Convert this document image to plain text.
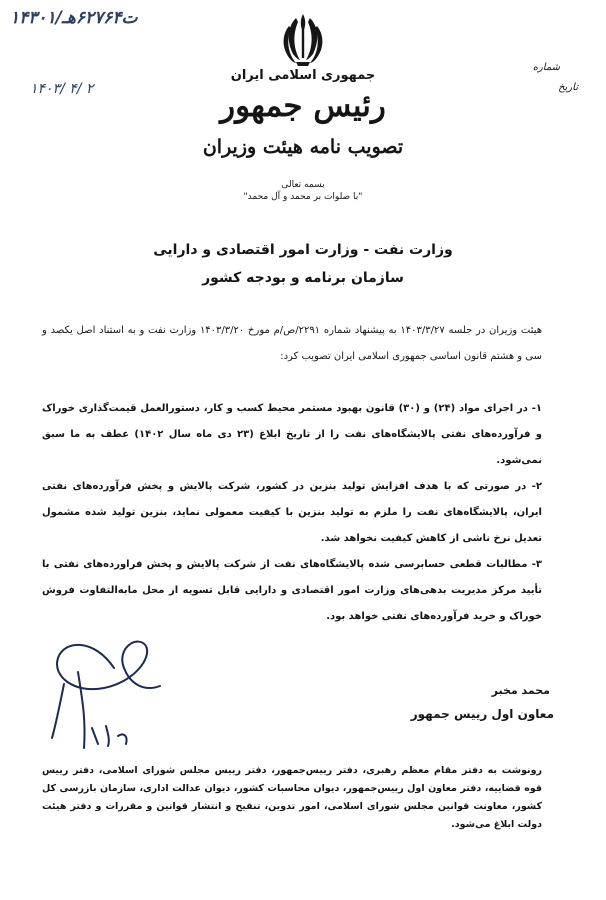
۱۴۳۰۱/ت۶۲۷۶۴هـ
جمهوری اسلامی ایران
رئیس جمهور
تصویب نامه هیئت وزیران
بسمه تعالی
"با صلوات بر محمد و آل محمد"
شماره
تاریخ
۱۴۰۳/ ۴/ ۲
وزارت نفت - وزارت امور اقتصادی و دارایی
سازمان برنامه و بودجه کشور
هیئت وزیران در جلسه ۱۴۰۳/۳/۲۷ به پیشنهاد شماره ۲۲۹۱/ص/م مورخ ۱۴۰۳/۳/۲۰ وزارت نفت و به استناد اصل یکصد و سی و هشتم قانون اساسی جمهوری اسلامی ایران تصویب کرد:
۱- در اجرای مواد (۲۴) و (۳۰) قانون بهبود مستمر محیط کسب و کار، دستورالعمل قیمت‌گذاری خوراک و فرآورده‌های نفتی پالایشگاه‌های نفت را از تاریخ ابلاغ (۲۳ دی ماه سال ۱۴۰۲) عطف به ما سبق نمی‌شود.
۲- در صورتی که با هدف افزایش تولید بنزین در کشور، شرکت پالایش و پخش فرآورده‌های نفتی ایران، پالایشگاه‌های نفت را ملزم به تولید بنزین با کیفیت معمولی نماید، بنزین تولید شده مشمول تعدیل نرخ ناشی از کاهش کیفیت نخواهد شد.
۳- مطالبات قطعی حسابرسی شده پالایشگاه‌های نفت از شرکت پالایش و پخش فراورده‌های نفتی با تأیید مرکز مدیریت بدهی‌های وزارت امور اقتصادی و دارایی قابل تسویه از محل مابه‌التفاوت فروش خوراک و خرید فرآورده‌های نفتی خواهد بود.
محمد مخبر
معاون اول رییس جمهور
رونوشت به دفتر مقام معظم رهبری، دفتر رییس‌جمهور، دفتر رییس مجلس شورای اسلامی، دفتر رییس قوه قضاییه، دفتر معاون اول رییس‌جمهور، دیوان محاسبات کشور، دیوان عدالت اداری، سازمان بازرسی کل کشور، معاونت قوانین مجلس شورای اسلامی، امور تدوین، تنقیح و انتشار قوانین و مقررات و دفتر هیئت دولت ابلاغ می‌شود.
